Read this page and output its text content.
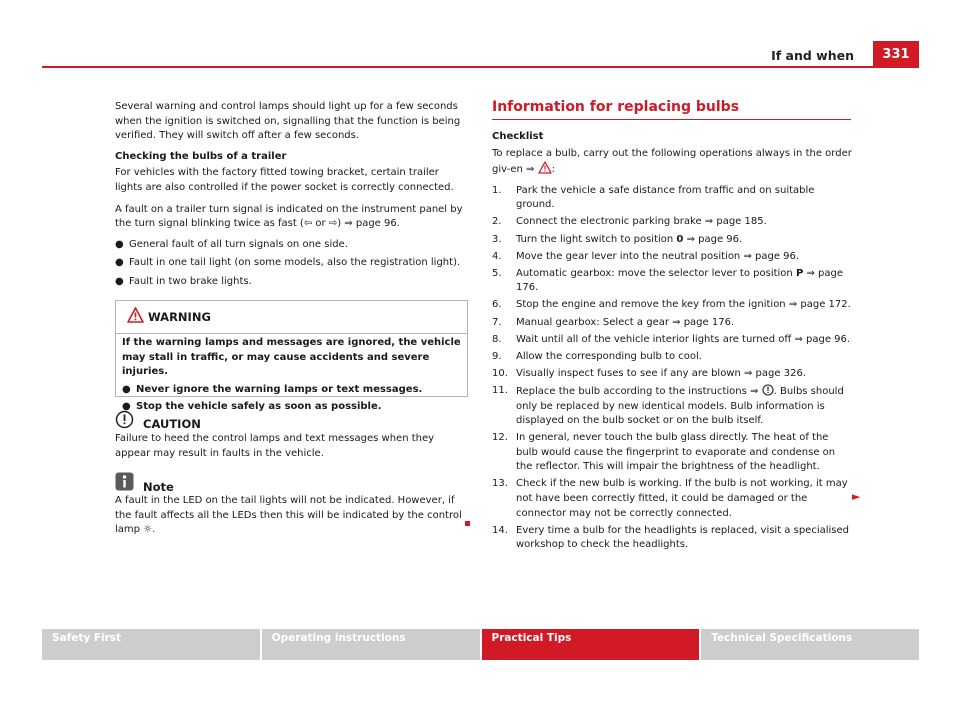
If and when	331

Several warning and control lamps should light up for a few seconds when the ignition is switched on, signalling that the function is being verified. They will switch off after a few seconds.

Checking the bulbs of a trailer

For vehicles with the factory fitted towing bracket, certain trailer lights are also controlled if the power socket is correctly connected.

A fault on a trailer turn signal is indicated on the instrument panel by the turn signal blinking twice as fast (⇦ or ⇨) ⇒ page 96.

● General fault of all turn signals on one side.

● Fault in one tail light (on some models, also the registration light).

● Fault in two brake lights.

WARNING

If the warning lamps and messages are ignored, the vehicle may stall in traffic, or may cause accidents and severe injuries.

● Never ignore the warning lamps or text messages.

● Stop the vehicle safely as soon as possible.

CAUTION

Failure to heed the control lamps and text messages when they appear may result in faults in the vehicle.

Note

A fault in the LED on the tail lights will not be indicated. However, if the fault affects all the LEDs then this will be indicated by the control lamp ☼.

Information for replacing bulbs

Checklist

To replace a bulb, carry out the following operations always in the order giv-en ⇒ :

1. Park the vehicle a safe distance from traffic and on suitable ground.
2. Connect the electronic parking brake ⇒ page 185.
3. Turn the light switch to position 0 ⇒ page 96.
4. Move the gear lever into the neutral position ⇒ page 96.
5. Automatic gearbox: move the selector lever to position P ⇒ page 176.
6. Stop the engine and remove the key from the ignition ⇒ page 172.
7. Manual gearbox: Select a gear ⇒ page 176.
8. Wait until all of the vehicle interior lights are turned off ⇒ page 96.
9. Allow the corresponding bulb to cool.
10. Visually inspect fuses to see if any are blown ⇒ page 326.
11. Replace the bulb according to the instructions ⇒ . Bulbs should only be replaced by new identical models. Bulb information is displayed on the bulb socket or on the bulb itself.
12. In general, never touch the bulb glass directly. The heat of the bulb would cause the fingerprint to evaporate and condense on the reflector. This will impair the brightness of the headlight.
13. Check if the new bulb is working. If the bulb is not working, it may not have been correctly fitted, it could be damaged or the connector may not be correctly connected.
14. Every time a bulb for the headlights is replaced, visit a specialised workshop to check the headlights.
►
Safety First	Operating instructions	Practical Tips	Technical Specifications
